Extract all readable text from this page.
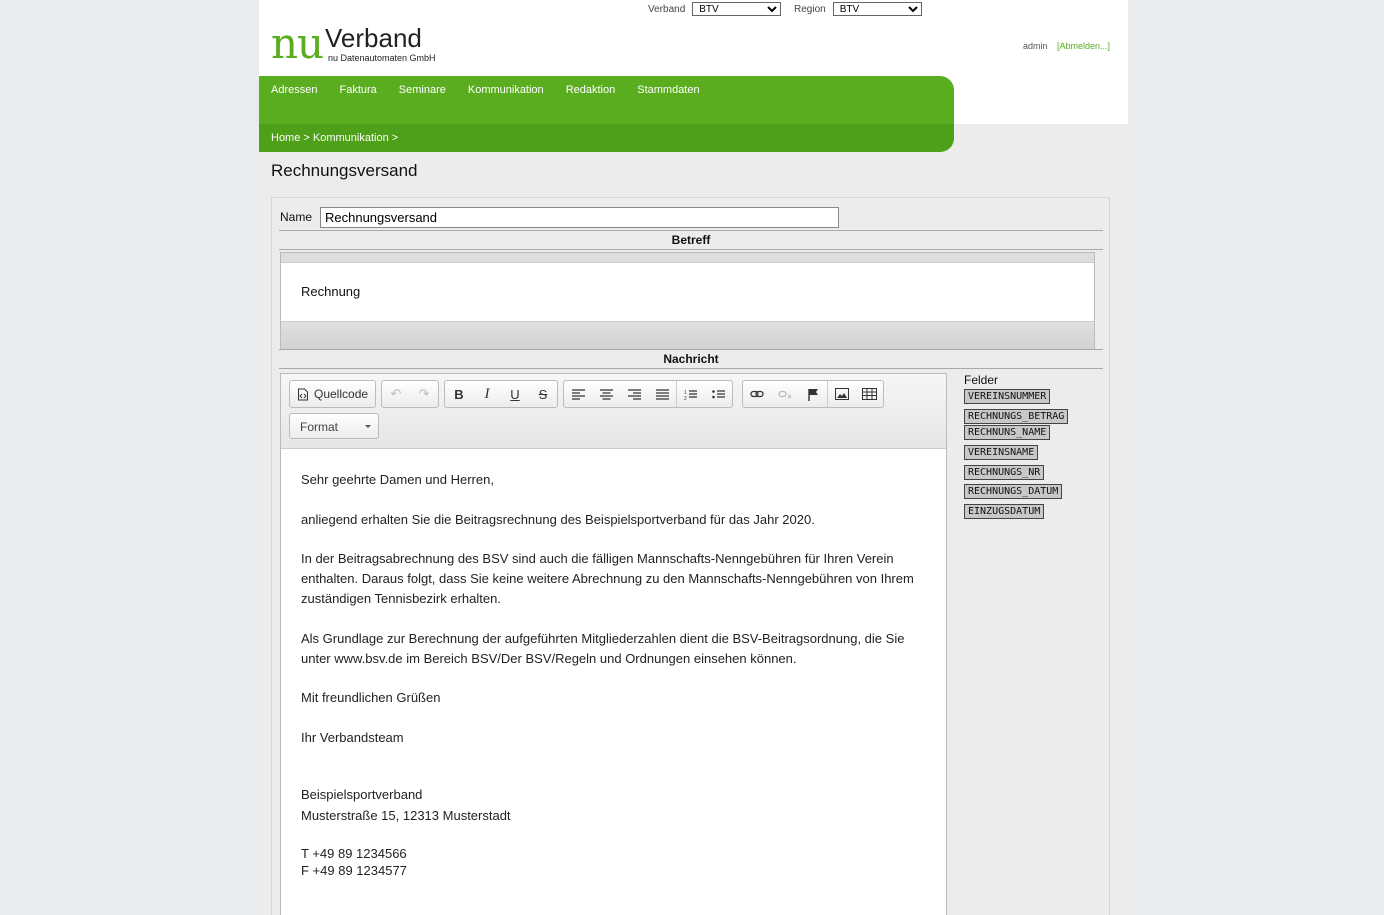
Verband
BTV	Region
BTV
nu Verband
nu Datenautomaten GmbH
admin [Abmelden...]
Adressen Faktura Seminare Kommunikation Redaktion Stammdaten
Home > Kommunikation >
Rechnungsversand
Name
Rechnungsversand
Betreff
Rechnung
Nachricht
Quellcode	↶	↷	B	I	U	S	1
2
Format

Sehr geehrte Damen und Herren,

anliegend erhalten Sie die Beitragsrechnung des Beispielsportverband für das Jahr 2020.

In der Beitragsabrechnung des BSV sind auch die fälligen Mannschafts-Nenngebühren für Ihren Verein enthalten. Daraus folgt, dass Sie keine weitere Abrechnung zu den Mannschafts-Nenngebühren von Ihrem zuständigen Tennisbezirk erhalten.

Als Grundlage zur Berechnung der aufgeführten Mitgliederzahlen dient die BSV-Beitragsordnung, die Sie unter www.bsv.de im Bereich BSV/Der BSV/Regeln und Ordnungen einsehen können.

Mit freundlichen Grüßen

Ihr Verbandsteam

Beispielsportverband
Musterstraße 15, 12313 Musterstadt
T +49 89 1234566
F +49 89 1234577
Felder
VEREINSNUMMER
RECHNUNGS_BETRAG
RECHNUNS_NAME
VEREINSNAME
RECHNUNGS_NR
RECHNUNGS_DATUM
EINZUGSDATUM
